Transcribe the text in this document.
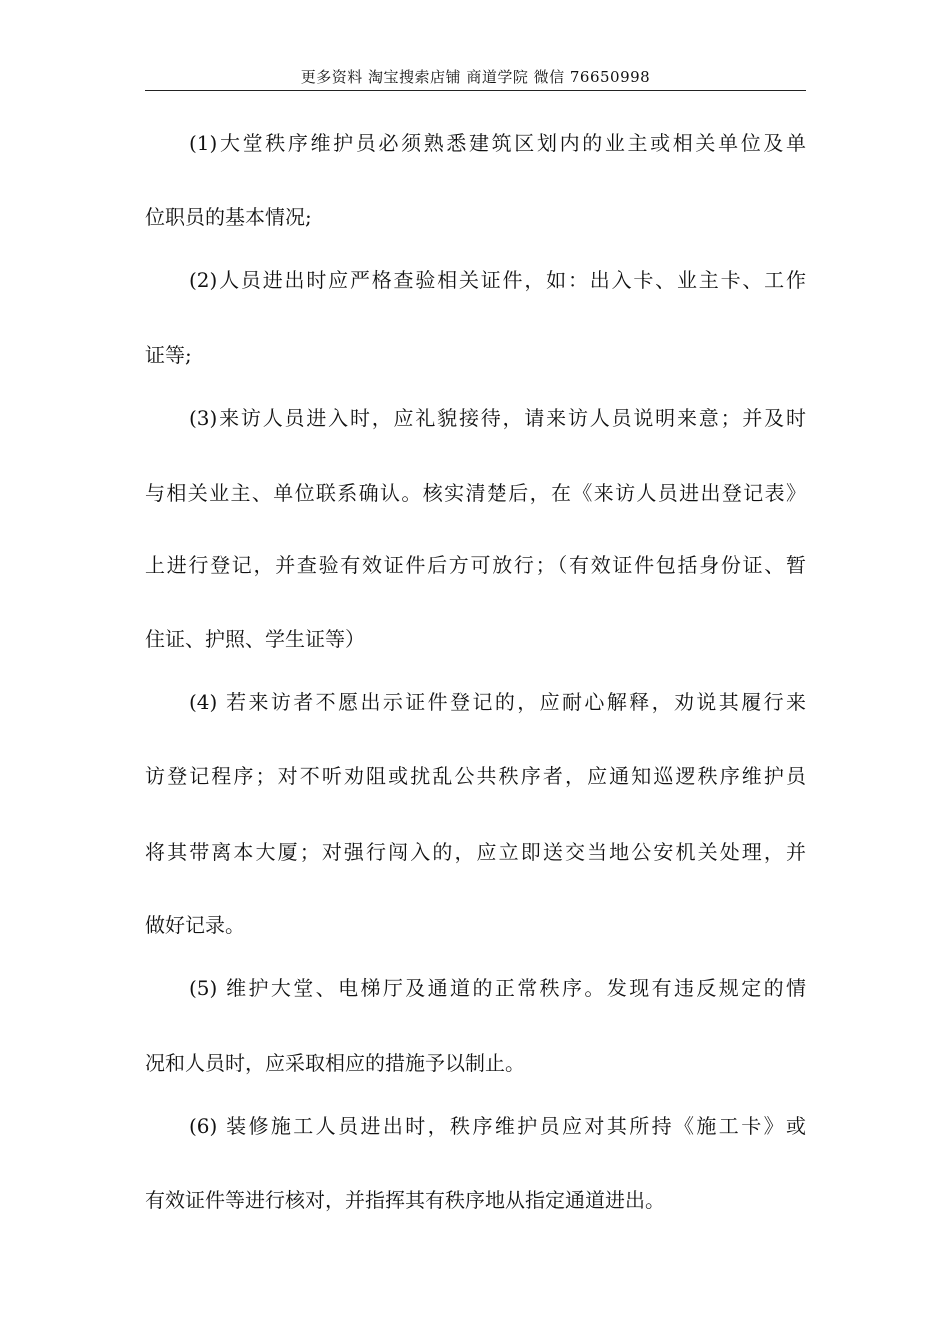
更多资料 淘宝搜索店铺 商道学院 微信 76650998
(1)大堂秩序维护员必须熟悉建筑区划内的业主或相关单位及单
位职员的基本情况;
(2)人员进出时应严格查验相关证件，如：出入卡、业主卡、工作
证等;
(3)来访人员进入时，应礼貌接待，请来访人员说明来意；并及时
与相关业主、单位联系确认。核实清楚后，在《来访人员进出登记表》
上进行登记，并查验有效证件后方可放行；（有效证件包括身份证、暂
住证、护照、学生证等）
(4) 若来访者不愿出示证件登记的，应耐心解释，劝说其履行来
访登记程序；对不听劝阻或扰乱公共秩序者，应通知巡逻秩序维护员
将其带离本大厦；对强行闯入的，应立即送交当地公安机关处理，并
做好记录。
(5) 维护大堂、电梯厅及通道的正常秩序。发现有违反规定的情
况和人员时，应采取相应的措施予以制止。
(6) 装修施工人员进出时，秩序维护员应对其所持《施工卡》或
有效证件等进行核对，并指挥其有秩序地从指定通道进出。
